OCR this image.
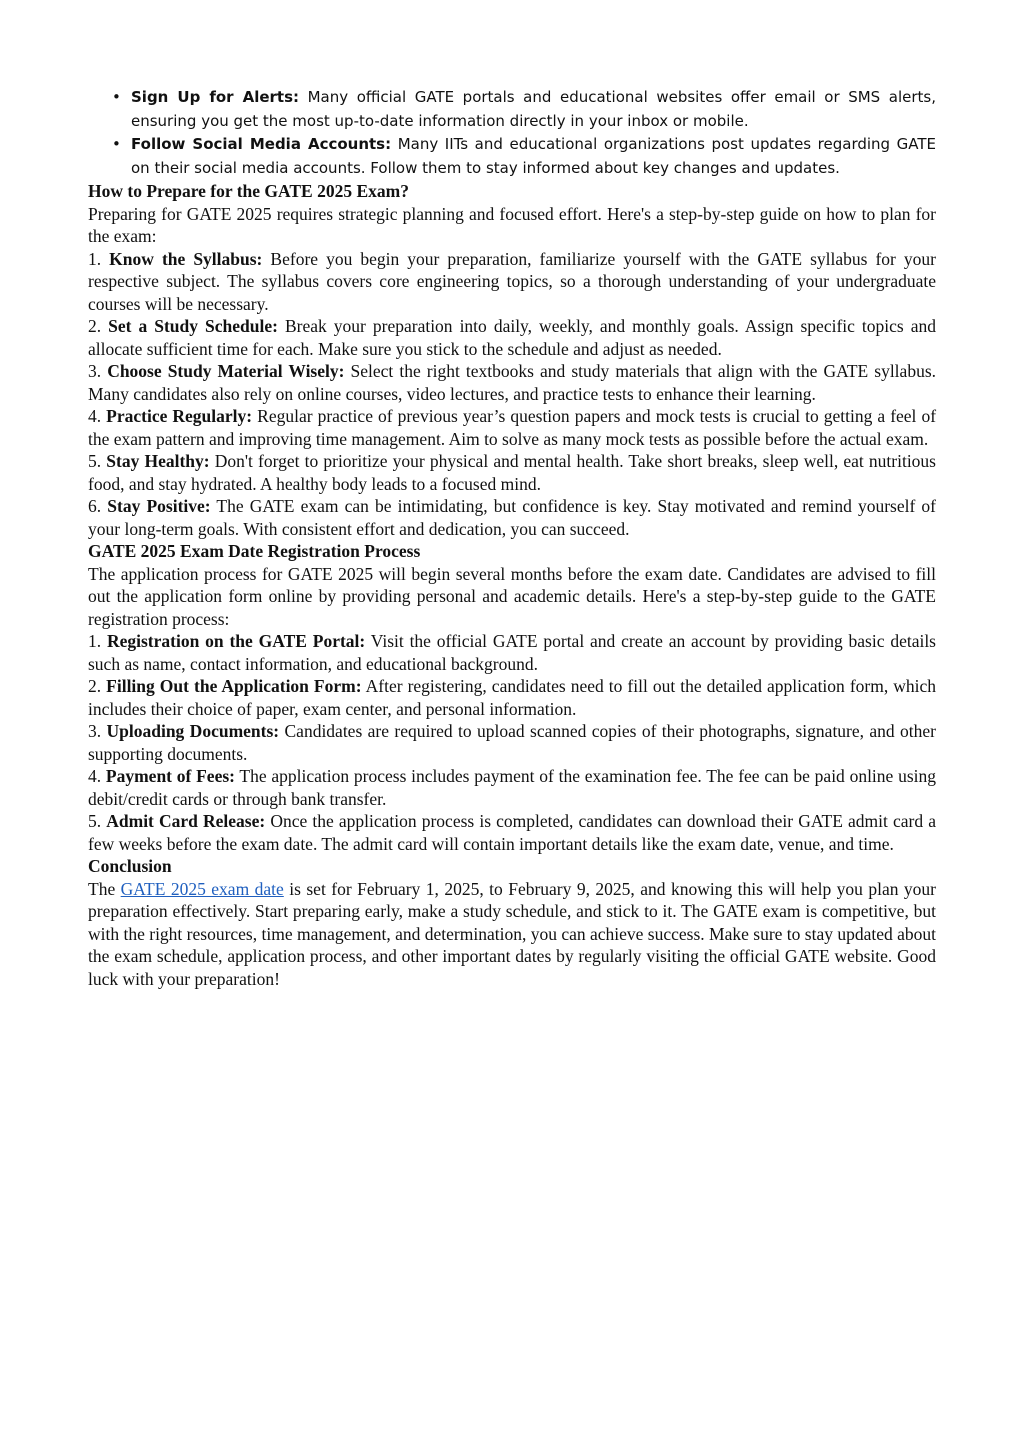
• Sign Up for Alerts: Many official GATE portals and educational websites offer email or SMS alerts, ensuring you get the most up-to-date information directly in your inbox or mobile.
• Follow Social Media Accounts: Many IITs and educational organizations post updates regarding GATE on their social media accounts. Follow them to stay informed about key changes and updates.
How to Prepare for the GATE 2025 Exam?

Preparing for GATE 2025 requires strategic planning and focused effort. Here's a step-by-step guide on how to plan for the exam:

1. Know the Syllabus: Before you begin your preparation, familiarize yourself with the GATE syllabus for your respective subject. The syllabus covers core engineering topics, so a thorough understanding of your undergraduate courses will be necessary.

2. Set a Study Schedule: Break your preparation into daily, weekly, and monthly goals. Assign specific topics and allocate sufficient time for each. Make sure you stick to the schedule and adjust as needed.

3. Choose Study Material Wisely: Select the right textbooks and study materials that align with the GATE syllabus. Many candidates also rely on online courses, video lectures, and practice tests to enhance their learning.

4. Practice Regularly: Regular practice of previous year’s question papers and mock tests is crucial to getting a feel of the exam pattern and improving time management. Aim to solve as many mock tests as possible before the actual exam.

5. Stay Healthy: Don't forget to prioritize your physical and mental health. Take short breaks, sleep well, eat nutritious food, and stay hydrated. A healthy body leads to a focused mind.

6. Stay Positive: The GATE exam can be intimidating, but confidence is key. Stay motivated and remind yourself of your long-term goals. With consistent effort and dedication, you can succeed.

GATE 2025 Exam Date Registration Process

The application process for GATE 2025 will begin several months before the exam date. Candidates are advised to fill out the application form online by providing personal and academic details. Here's a step-by-step guide to the GATE registration process:

1. Registration on the GATE Portal: Visit the official GATE portal and create an account by providing basic details such as name, contact information, and educational background.

2. Filling Out the Application Form: After registering, candidates need to fill out the detailed application form, which includes their choice of paper, exam center, and personal information.

3. Uploading Documents: Candidates are required to upload scanned copies of their photographs, signature, and other supporting documents.

4. Payment of Fees: The application process includes payment of the examination fee. The fee can be paid online using debit/credit cards or through bank transfer.

5. Admit Card Release: Once the application process is completed, candidates can download their GATE admit card a few weeks before the exam date. The admit card will contain important details like the exam date, venue, and time.

Conclusion

The GATE 2025 exam date is set for February 1, 2025, to February 9, 2025, and knowing this will help you plan your preparation effectively. Start preparing early, make a study schedule, and stick to it. The GATE exam is competitive, but with the right resources, time management, and determination, you can achieve success. Make sure to stay updated about the exam schedule, application process, and other important dates by regularly visiting the official GATE website. Good luck with your preparation!
